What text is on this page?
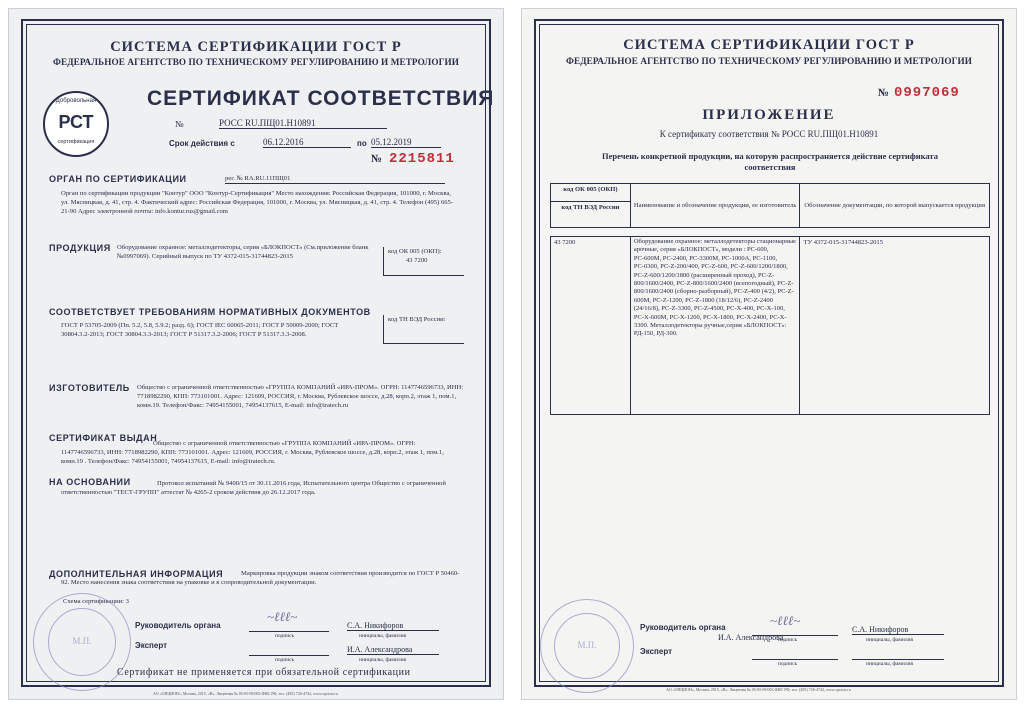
СИСТЕМА СЕРТИФИКАЦИИ ГОСТ Р
ФЕДЕРАЛЬНОЕ АГЕНТСТВО ПО ТЕХНИЧЕСКОМУ РЕГУЛИРОВАНИЮ И МЕТРОЛОГИИ
Добровольная
РСТ
сертификация
СЕРТИФИКАТ СООТВЕТСТВИЯ
№	РОСС RU.ПЩ01.Н10891
Срок действия с	06.12.2016	по 05.12.2019
№ 2215811
ОРГАН ПО СЕРТИФИКАЦИИ	рег. № RA.RU.11ПЩ01
Орган по сертификации продукции "Контур" ООО "Контур-Сертификация" Место нахождения: Российская Федерация, 101000, г. Москва, ул. Мясницкая, д. 41, стр. 4. Фактический адрес: Российская Федерация, 101000, г. Москва, ул. Мясницкая, д. 41, стр. 4. Телефон (495) 665-21-90 Адрес электронной почты: info.kontur.rus@gmail.com
ПРОДУКЦИЯ Оборудование охранное: металлодетекторы, серия «БЛОКПОСТ» (См.приложение бланк №0997069). Серийный выпуск по ТУ 4372-015-31744823-2015
код ОК 005 (ОКП):
43 7200
СООТВЕТСТВУЕТ ТРЕБОВАНИЯМ НОРМАТИВНЫХ ДОКУМЕНТОВ
ГОСТ Р 53705-2009 (Пп. 5.2, 5.8, 5.9.2; разд. 6); ГОСТ IEC 60065-2011; ГОСТ Р 50009-2000; ГОСТ 30804.3.2-2013; ГОСТ 30804.3.3-2013; ГОСТ Р 51317.3.2-2006; ГОСТ Р 51317.3.3-2008.
код ТН ВЭД России:
ИЗГОТОВИТЕЛЬ Общество с ограниченной ответственностью «ГРУППА КОМПАНИЙ «ИРА-ПРОМ». ОГРН: 1147746596733, ИНН: 7718982290, КПП: 773101001. Адрес: 121609, РОССИЯ, г. Москва, Рублевское шоссе, д.28, корп.2, этаж 1, пом.1, комн.19. Телефон/Факс: 74954155001, 74954137615, E-mail: info@iratech.ru
СЕРТИФИКАТ ВЫДАН
Общество с ограниченной ответственностью «ГРУППА КОМПАНИЙ «ИРА-ПРОМ». ОГРН: 1147746596733, ИНН: 7718982290, КПП: 773101001. Адрес: 121609, РОССИЯ, г. Москва, Рублевское шоссе, д.28, корп.2, этаж 1, пом.1, комн.19 . Телефон/Факс: 74954155001, 74954137615, E-mail: info@iratech.ru.
НА ОСНОВАНИИ	Протокол испытаний № 9400/15 от 30.11.2016 года, Испытательного центра Общество с ограниченной ответственностью "ТЕСТ-ГРУПП" аттестат № 4265-2 сроком действия до 26.12.2017 года.
ДОПОЛНИТЕЛЬНАЯ ИНФОРМАЦИЯ	Маркировка продукции знаком соответствия производится по ГОСТ Р 50460-92. Место нанесения знака соответствия на упаковке и в сопроводительной документации.
Схема сертификации: 3
М.П.
Руководитель органа
~ℓℓℓ~
С.А. Никифоров
подпись	инициалы, фамилия
Эксперт	И.А. Александрова
подпись	инициалы, фамилия
Сертификат не применяется при обязательной сертификации
АО «ОПЦИОН», Москва, 2015, «В». Лицензия № 05-05-09/003 ФНС РФ, тел. (495) 726-4742, www.opcion.ru
СИСТЕМА СЕРТИФИКАЦИИ ГОСТ Р
ФЕДЕРАЛЬНОЕ АГЕНТСТВО ПО ТЕХНИЧЕСКОМУ РЕГУЛИРОВАНИЮ И МЕТРОЛОГИИ
№ 0997069
ПРИЛОЖЕНИЕ
К сертификату соответствия № РОСС RU.ПЩ01.Н10891
Перечень конкретной продукции, на которую распространяется действие сертификата соответствия
код ОК 005 (ОКП)	Наименование и обозначение продукции, ее изготовитель	Обозначение документации, по которой выпускается продукция
код ТН ВЭД России		

43 7200	Оборудование охранное: металлодетекторы стационарные арочные, серия «БЛОКПОСТ», модели : РС-600, РС-600М, РС-2400, РС-3300М, РС-1000А, РС-1100, РС-0300, РС-Z-200/400, РС-Z-600, РС-Z-600/1200/1800, РС-Z-600/1200/1800 (расширенный проход), РС-Z-800/1600/2400, РС-Z-800/1600/2400 (всепогодный), РС-Z-800/1600/2400 (сборно-разборный), РС-Z-400 (4/2), РС-Z-600М, РС-Z-1200, РС-Z-1800 (18/12/6), РС-Z-2400 (24/16/8), РС-Z-3300, РС-Z-4500, РС-X-400, РС-X-100, РС-X-600М, РС-X-1200, РС-X-1800, РС-X-2400, РС-X-3300. Металлодетекторы ручные,серия «БЛОКПОСТ»: РД-150, РД-300.	ТУ 4372-015-31744823-2015
М.П.
Руководитель органа	~ℓℓℓ~
С.А. Никифоров
подпись	инициалы, фамилия
И.А. Александрова
Эксперт
подпись	инициалы, фамилия
АО «ОПЦИОН», Москва, 2015, «В». Лицензия № 05-05-09/003 ФНС РФ, тел. (495) 726-4742, www.opcion.ru
